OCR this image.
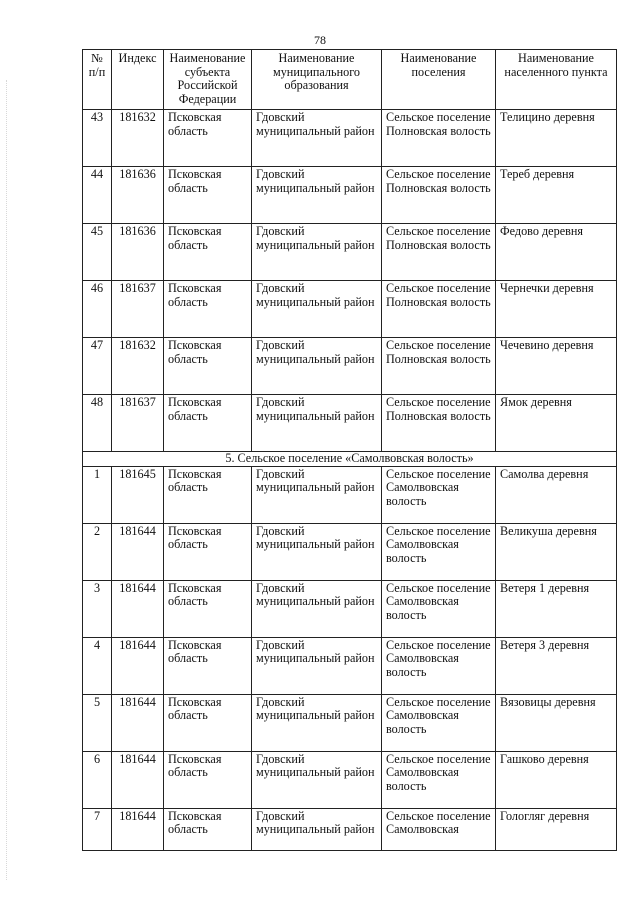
78
№ п/п	Индекс	Наименование субъекта Российской Федерации	Наименование муниципального образования	Наименование поселения	Наименование населенного пункта
43	181632	Псковская область	Гдовский муниципальный район	Сельское поселение Полновская волость	Телицино деревня
44	181636	Псковская область	Гдовский муниципальный район	Сельское поселение Полновская волость	Тереб деревня
45	181636	Псковская область	Гдовский муниципальный район	Сельское поселение Полновская волость	Федово деревня
46	181637	Псковская область	Гдовский муниципальный район	Сельское поселение Полновская волость	Чернечки деревня
47	181632	Псковская область	Гдовский муниципальный район	Сельское поселение Полновская волость	Чечевино деревня
48	181637	Псковская область	Гдовский муниципальный район	Сельское поселение Полновская волость	Ямок деревня
5. Сельское поселение «Самолвовская волость»					
1	181645	Псковская область	Гдовский муниципальный район	Сельское поселение Самолвовская волость	Самолва деревня
2	181644	Псковская область	Гдовский муниципальный район	Сельское поселение Самолвовская волость	Великуша деревня
3	181644	Псковская область	Гдовский муниципальный район	Сельское поселение Самолвовская волость	Ветеря 1 деревня
4	181644	Псковская область	Гдовский муниципальный район	Сельское поселение Самолвовская волость	Ветеря 3 деревня
5	181644	Псковская область	Гдовский муниципальный район	Сельское поселение Самолвовская волость	Вязовицы деревня
6	181644	Псковская область	Гдовский муниципальный район	Сельское поселение Самолвовская волость	Гашково деревня
7	181644	Псковская область	Гдовский муниципальный район	Сельское поселение Самолвовская	Гологляг деревня
